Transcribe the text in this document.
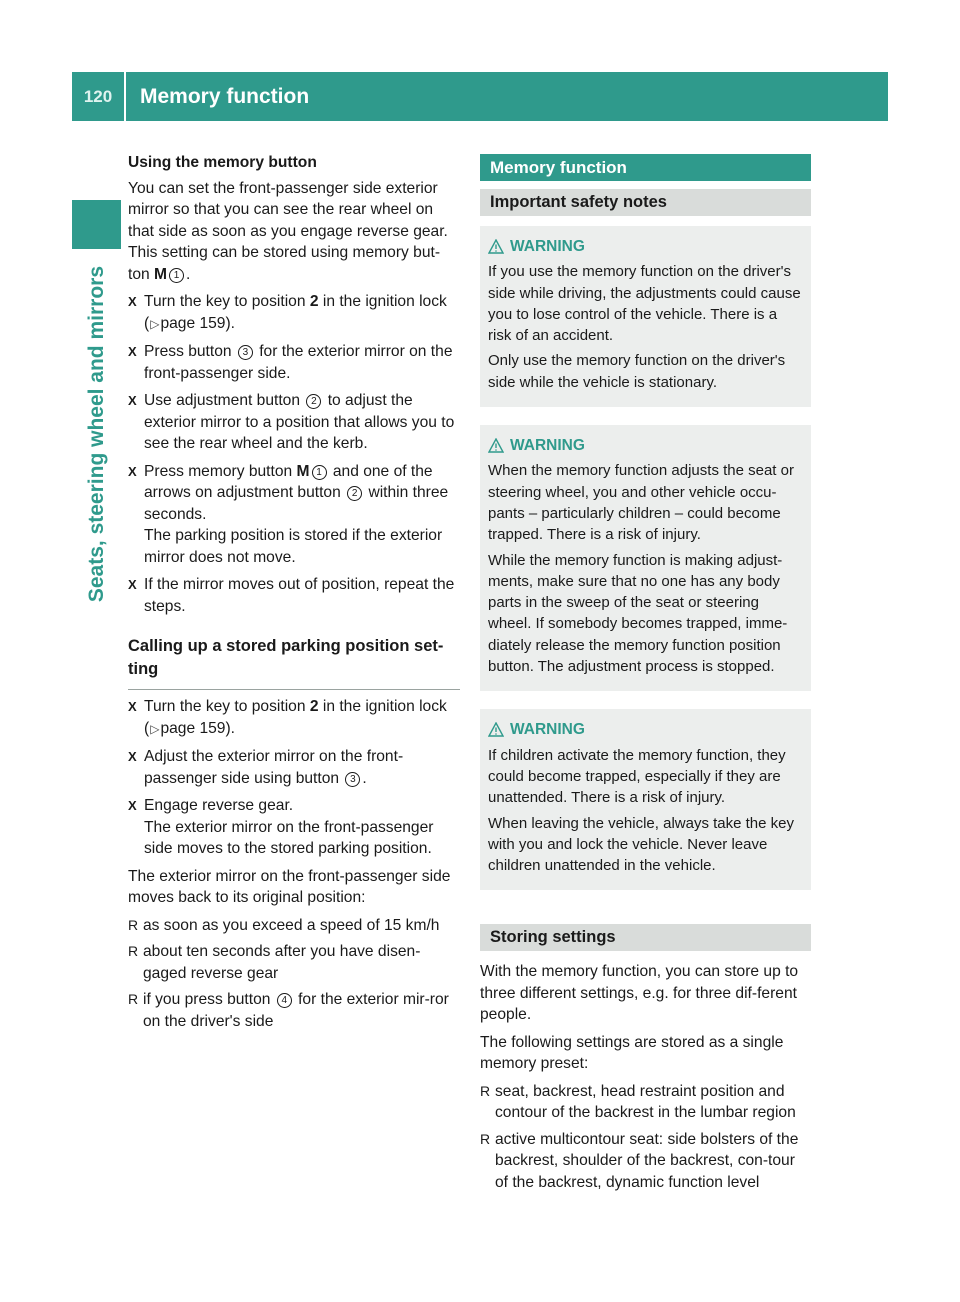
120	Memory function
Seats, steering wheel and mirrors
Using the memory button

You can set the front-passenger side exterior mirror so that you can see the rear wheel on that side as soon as you engage reverse gear. This setting can be stored using memory but-ton M 1 .

X Turn the key to position 2 in the ignition lock (▷page 159).
X Press button 3 for the exterior mirror on the front-passenger side.
X Use adjustment button 2 to adjust the exterior mirror to a position that allows you to see the rear wheel and the kerb.
X Press memory button M 1 and one of the arrows on adjustment button 2 within three seconds.
The parking position is stored if the exterior mirror does not move.
X If the mirror moves out of position, repeat the steps.
Calling up a stored parking position set-ting
X Turn the key to position 2 in the ignition lock (▷page 159).
X Adjust the exterior mirror on the front-passenger side using button 3 .
X Engage reverse gear.
The exterior mirror on the front-passenger side moves to the stored parking position.

The exterior mirror on the front-passenger side moves back to its original position:

R as soon as you exceed a speed of 15 km/h
R about ten seconds after you have disen-gaged reverse gear
R if you press button 4 for the exterior mir-ror on the driver's side
Memory function
Important safety notes
WARNING

If you use the memory function on the driver's side while driving, the adjustments could cause you to lose control of the vehicle. There is a risk of an accident.

Only use the memory function on the driver's side while the vehicle is stationary.

WARNING

When the memory function adjusts the seat or steering wheel, you and other vehicle occu-pants – particularly children – could become trapped. There is a risk of injury.

While the memory function is making adjust-ments, make sure that no one has any body parts in the sweep of the seat or steering wheel. If somebody becomes trapped, imme-diately release the memory function position button. The adjustment process is stopped.

WARNING

If children activate the memory function, they could become trapped, especially if they are unattended. There is a risk of injury.

When leaving the vehicle, always take the key with you and lock the vehicle. Never leave children unattended in the vehicle.

Storing settings

With the memory function, you can store up to three different settings, e.g. for three dif-ferent people.

The following settings are stored as a single memory preset:

R seat, backrest, head restraint position and contour of the backrest in the lumbar region
R active multicontour seat: side bolsters of the backrest, shoulder of the backrest, con-tour of the backrest, dynamic function level
